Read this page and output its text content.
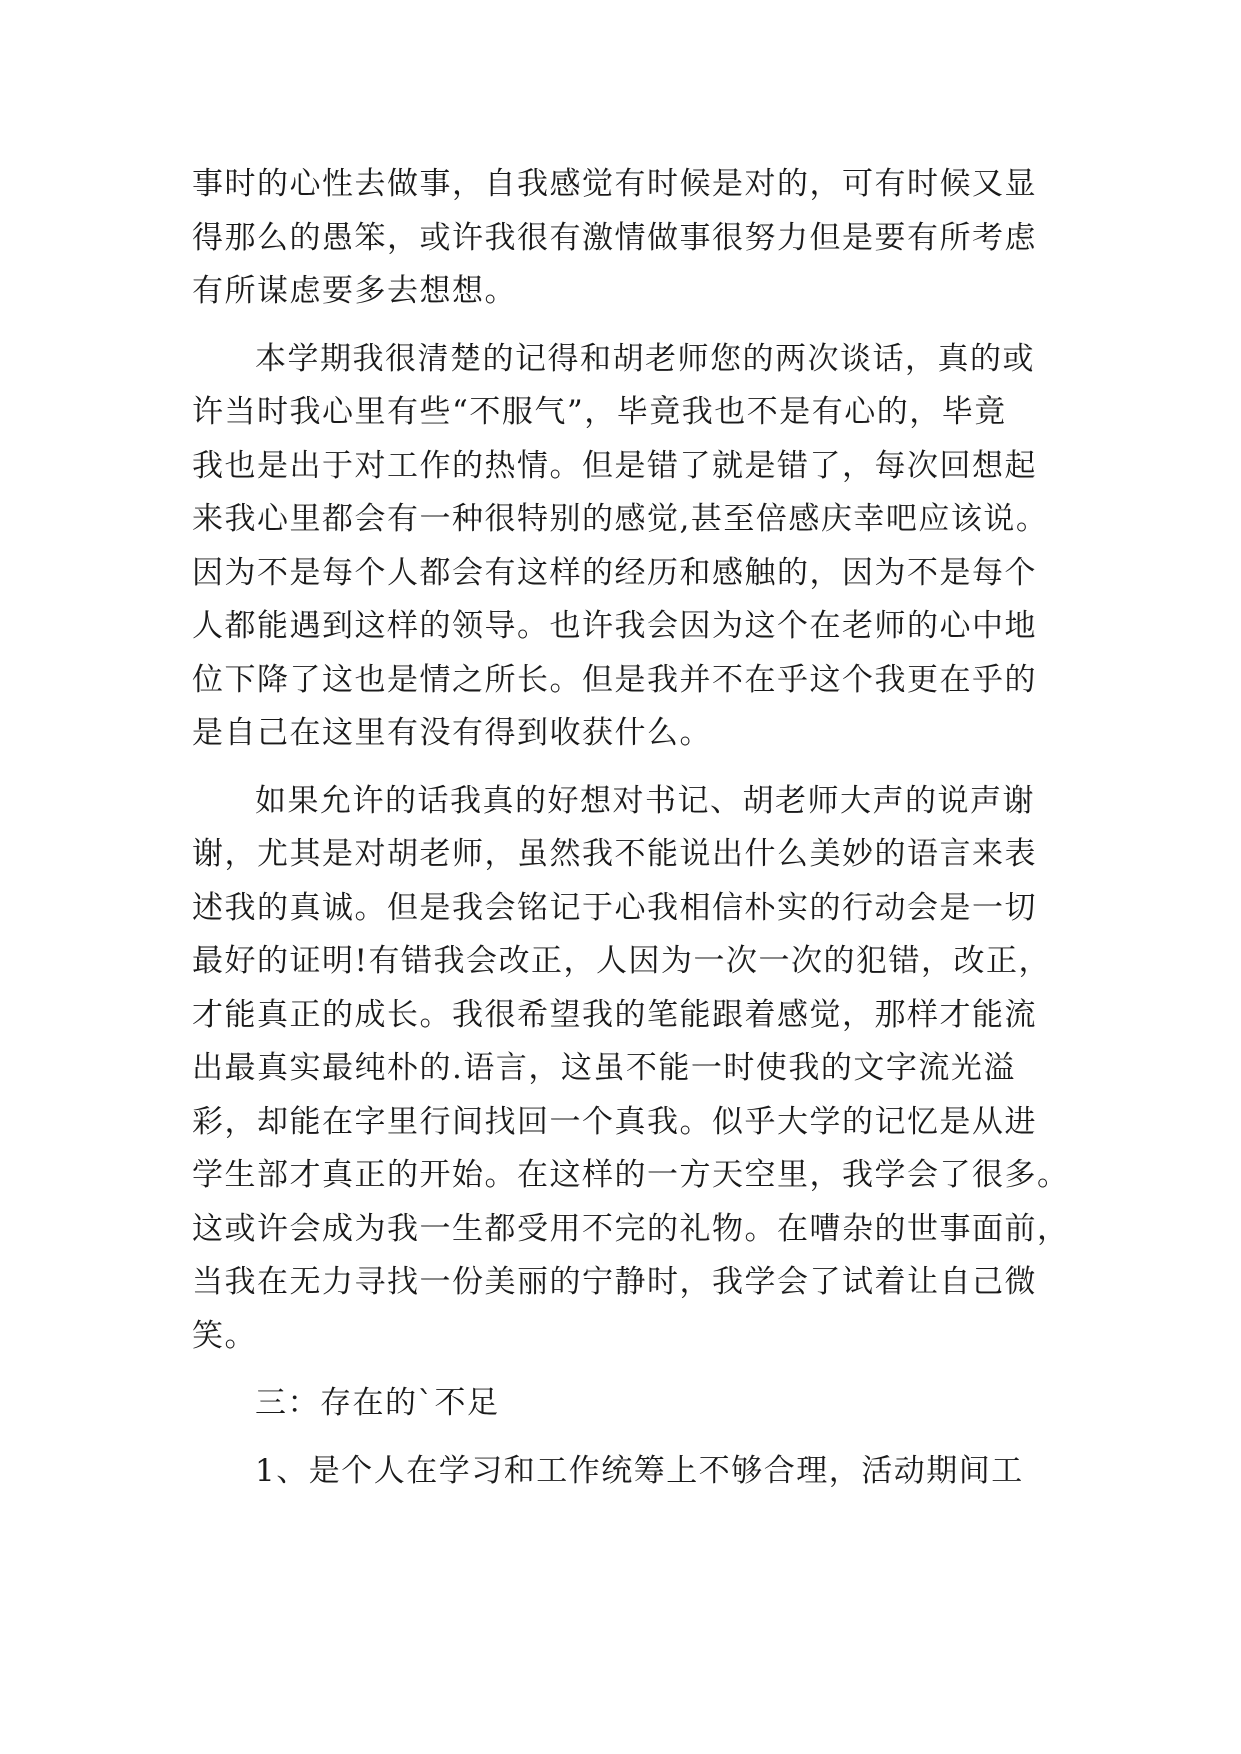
事时的心性去做事，自我感觉有时候是对的，可有时候又显
得那么的愚笨，或许我很有激情做事很努力但是要有所考虑
有所谋虑要多去想想。
本学期我很清楚的记得和胡老师您的两次谈话，真的或
许当时我心里有些“不服气”，毕竟我也不是有心的，毕竟
我也是出于对工作的热情。但是错了就是错了，每次回想起
来我心里都会有一种很特别的感觉,甚至倍感庆幸吧应该说。
因为不是每个人都会有这样的经历和感触的，因为不是每个
人都能遇到这样的领导。也许我会因为这个在老师的心中地
位下降了这也是情之所长。但是我并不在乎这个我更在乎的
是自己在这里有没有得到收获什么。
如果允许的话我真的好想对书记、胡老师大声的说声谢
谢，尤其是对胡老师，虽然我不能说出什么美妙的语言来表
述我的真诚。但是我会铭记于心我相信朴实的行动会是一切
最好的证明!有错我会改正，人因为一次一次的犯错，改正，
才能真正的成长。我很希望我的笔能跟着感觉，那样才能流
出最真实最纯朴的.语言，这虽不能一时使我的文字流光溢
彩，却能在字里行间找回一个真我。似乎大学的记忆是从进
学生部才真正的开始。在这样的一方天空里，我学会了很多。
这或许会成为我一生都受用不完的礼物。在嘈杂的世事面前，
当我在无力寻找一份美丽的宁静时，我学会了试着让自己微
笑。
三：存在的`不足
1、是个人在学习和工作统筹上不够合理，活动期间工
